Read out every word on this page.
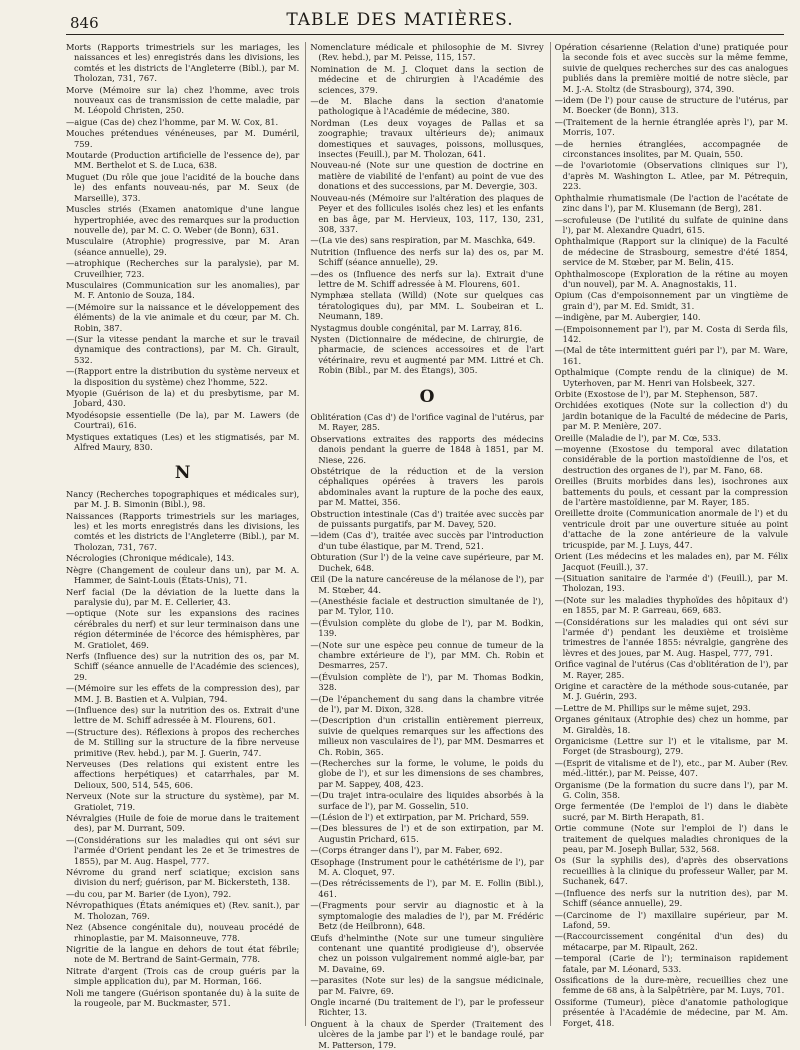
846	TABLE DES MATIÈRES.
Morts (Rapports trimestriels sur les mariages, les naissances et les) enregistrés dans les divisions, les comtés et les districts de l'Angleterre (Bibl.), par M. Tholozan, 731, 767.
Morve (Mémoire sur la) chez l'homme, avec trois nouveaux cas de transmission de cette maladie, par M. Léopold Christen, 250.
—aigue (Cas de) chez l'homme, par M. W. Cox, 81.
Mouches prétendues vénéneuses, par M. Duméril, 759.
Moutarde (Production artificielle de l'essence de), par MM. Berthelot et S. de Luca, 638.
Muguet (Du rôle que joue l'acidité de la bouche dans le) des enfants nouveau-nés, par M. Seux (de Marseille), 373.
Muscles striés (Examen anatomique d'une langue hypertrophiée, avec des remarques sur la production nouvelle de), par M. C. O. Weber (de Bonn), 631.
Musculaire (Atrophie) progressive, par M. Aran (séance annuelle), 29.
—atrophique (Recherches sur la paralysie), par M. Cruveilhier, 723.
Musculaires (Communication sur les anomalies), par M. F. Antonio de Souza, 184.
—(Mémoire sur la naissance et le développement des éléments) de la vie animale et du cœur, par M. Ch. Robin, 387.
—(Sur la vitesse pendant la marche et sur le travail dynamique des contractions), par M. Ch. Girault, 532.
—(Rapport entre la distribution du système nerveux et la disposition du système) chez l'homme, 522.
Myopie (Guérison de la) et du presbytisme, par M. Jobard, 430.
Myodésopsie essentielle (De la), par M. Lawers (de Courtrai), 616.
Mystiques extatiques (Les) et les stigmatisés, par M. Alfred Maury, 830.
N
Nancy (Recherches topographiques et médicales sur), par M. J. B. Simonin (Bibl.), 98.
Naissances (Rapports trimestriels sur les mariages, les) et les morts enregistrés dans les divisions, les comtés et les districts de l'Angleterre (Bibl.), par M. Tholozan, 731, 767.
Nécrologies (Chronique médicale), 143.
Nègre (Changement de couleur dans un), par M. A. Hammer, de Saint-Louis (États-Unis), 71.
Nerf facial (De la déviation de la luette dans la paralysie du), par M. E. Cellerier, 43.
—optique (Note sur les expansions des racines cérébrales du nerf) et sur leur terminaison dans une région déterminée de l'écorce des hémisphères, par M. Gratiolet, 469.
Nerfs (Influence des) sur la nutrition des os, par M. Schiff (séance annuelle de l'Académie des sciences), 29.
—(Mémoire sur les effets de la compression des), par MM. J. B. Bastien et A. Vulpian, 794.
—(Influence des) sur la nutrition des os. Extrait d'une lettre de M. Schiff adressée à M. Flourens, 601.
—(Structure des). Réflexions à propos des recherches de M. Stilling sur la structure de la fibre nerveuse primitive (Rev. hebd.), par M. J. Guerin, 747.
Nerveuses (Des relations qui existent entre les affections herpétiques) et catarrhales, par M. Delioux, 500, 514, 545, 606.
Nerveux (Note sur la structure du système), par M. Gratiolet, 719.
Névralgies (Huile de foie de morue dans le traitement des), par M. Durrant, 509.
—(Considérations sur les maladies qui ont sévi sur l'armée d'Orient pendant les 2e et 3e trimestres de 1855), par M. Aug. Haspel, 777.
Névrome du grand nerf sciatique; excision sans division du nerf; guérison, par M. Bickersteth, 138.
—du cou, par M. Barier (de Lyon), 792.
Névropathiques (États anémiques et) (Rev. sanit.), par M. Tholozan, 769.
Nez (Absence congénitale du), nouveau procédé de rhinoplastie, par M. Maisonneuve, 778.
Nigritie de la langue en dehors de tout état fébrile; note de M. Bertrand de Saint-Germain, 778.
Nitrate d'argent (Trois cas de croup guéris par la simple application du), par M. Horman, 166.
Noli me tangere (Guérison spontanée du) à la suite de la rougeole, par M. Buckmaster, 571.
Nomenclature médicale et philosophie de M. Sivrey (Rev. hebd.), par M. Peisse, 115, 157.
Nomination de M. J. Cloquet dans la section de médecine et de chirurgien à l'Académie des sciences, 379.
—de M. Blache dans la section d'anatomie pathologique à l'Académie de médecine, 380.
Nordman (Les deux voyages de Pallas et sa zoographie; travaux ultérieurs de); animaux domestiques et sauvages, poissons, mollusques, insectes (Feuill.), par M. Tholozan, 641.
Nouveau-né (Note sur une question de doctrine en matière de viabilité de l'enfant) au point de vue des donations et des successions, par M. Devergie, 303.
Nouveau-nés (Mémoire sur l'altération des plaques de Peyer et des follicules isolés chez les) et les enfants en bas âge, par M. Hervieux, 103, 117, 130, 231, 308, 337.
—(La vie des) sans respiration, par M. Maschka, 649.
Nutrition (Influence des nerfs sur la) des os, par M. Schiff (séance annuelle), 29.
—des os (Influence des nerfs sur la). Extrait d'une lettre de M. Schiff adressée à M. Flourens, 601.
Nymphæa stellata (Willd) (Note sur quelques cas tératologiques du), par MM. L. Soubeiran et L. Neumann, 189.
Nystagmus double congénital, par M. Larray, 816.
Nysten (Dictionnaire de médecine, de chirurgie, de pharmacie, de sciences accessoires et de l'art vétérinaire, revu et augmenté par MM. Littré et Ch. Robin (Bibl., par M. des Étangs), 305.
O
Oblitération (Cas d') de l'orifice vaginal de l'utérus, par M. Rayer, 285.
Observations extraites des rapports des médecins danois pendant la guerre de 1848 à 1851, par M. Niese, 226.
Obstétrique de la réduction et de la version céphaliques opérées à travers les parois abdominales avant la rupture de la poche des eaux, par M. Mattei, 356.
Obstruction intestinale (Cas d') traitée avec succès par de puissants purgatifs, par M. Davey, 520.
—idem (Cas d'), traitée avec succès par l'introduction d'un tube élastique, par M. Trend, 521.
Obturation (Sur l') de la veine cave supérieure, par M. Duchek, 648.
Œil (De la nature cancéreuse de la mélanose de l'), par M. Stœber, 44.
—(Anesthésie faciale et destruction simultanée de l'), par M. Tylor, 110.
—(Évulsion complète du globe de l'), par M. Bodkin, 139.
—(Note sur une espèce peu connue de tumeur de la chambre extérieure de l'), par MM. Ch. Robin et Desmarres, 257.
—(Évulsion complète de l'), par M. Thomas Bodkin, 328.
—(De l'épanchement du sang dans la chambre vitrée de l'), par M. Dixon, 328.
—(Description d'un cristallin entièrement pierreux, suivie de quelques remarques sur les affections des milieux non vasculaires de l'), par MM. Desmarres et Ch. Robin, 365.
—(Recherches sur la forme, le volume, le poids du globe de l'), et sur les dimensions de ses chambres, par M. Sappey, 408, 423.
—(Du trajet intra-oculaire des liquides absorbés à la surface de l'), par M. Gosselin, 510.
—(Lésion de l') et extirpation, par M. Prichard, 559.
—(Des blessures de l') et de son extirpation, par M. Augustin Prichard, 615.
—(Corps étranger dans l'), par M. Faber, 692.
Œsophage (Instrument pour le cathétérisme de l'), par M. A. Cloquet, 97.
—(Des rétrécissements de l'), par M. E. Follin (Bibl.), 461.
—(Fragments pour servir au diagnostic et à la symptomalogie des maladies de l'), par M. Frédéric Betz (de Heilbronn), 648.
Œufs d'helminthe (Note sur une tumeur singulière contenant une quantité prodigieuse d'), observée chez un poisson vulgairement nommé aigle-bar, par M. Davaine, 69.
—parasites (Note sur les) de la sangsue médicinale, par M. Faivre, 69.
Ongle incarné (Du traitement de l'), par le professeur Richter, 13.
Onguent à la chaux de Sperder (Traitement des ulcères de la jambe par l') et le bandage roulé, par M. Patterson, 179.
Opération césarienne (Relation d'une) pratiquée pour la seconde fois et avec succès sur la même femme, suivie de quelques recherches sur des cas analogues publiés dans la première moitié de notre siècle, par M. J.-A. Stoltz (de Strasbourg), 374, 390.
—idem (De l') pour cause de structure de l'utérus, par M. Boecker (de Bonn), 313.
—(Traitement de la hernie étranglée après l'), par M. Morris, 107.
—de hernies étranglées, accompagnée de circonstances insolites, par M. Quain, 550.
—de l'ovariotomie (Observations cliniques sur l'), d'après M. Washington L. Atlee, par M. Pétrequin, 223.
Ophthalmie rhumatismale (De l'action de l'acétate de zinc dans l'), par M. Klusemann (de Berg), 281.
—scrofuleuse (De l'utilité du sulfate de quinine dans l'), par M. Alexandre Quadri, 615.
Ophthalmique (Rapport sur la clinique) de la Faculté de médecine de Strasbourg, semestre d'été 1854, service de M. Stœber, par M. Belin, 415.
Ophthalmoscope (Exploration de la rétine au moyen d'un nouvel), par M. A. Anagnostakis, 11.
Opium (Cas d'empoisonnement par un vingtième de grain d'), par M. Ed. Smidt, 31.
—indigène, par M. Aubergier, 140.
—(Empoisonnement par l'), par M. Costa di Serda fils, 142.
—(Mal de tête intermittent guéri par l'), par M. Ware, 161.
Opthalmique (Compte rendu de la clinique) de M. Uyterhoven, par M. Henri van Holsbeek, 327.
Orbite (Exostose de l'), par M. Stephenson, 587.
Orchidées exotiques (Note sur la collection d') du jardin botanique de la Faculté de médecine de Paris, par M. P. Menière, 207.
Oreille (Maladie de l'), par M. Cœ, 533.
—moyenne (Exostose du temporal avec dilatation considérable de la portion mastoïdienne de l'os, et destruction des organes de l'), par M. Fano, 68.
Oreilles (Bruits morbides dans les), isochrones aux battements du pouls, et cessant par la compression de l'artère mastoïdienne, par M. Rayer, 185.
Oreillette droite (Communication anormale de l') et du ventricule droit par une ouverture située au point d'attache de la zone antérieure de la valvule tricuspide, par M. J. Luys, 447.
Orient (Les médecins et les malades en), par M. Félix Jacquot (Feuill.), 37.
—(Situation sanitaire de l'armée d') (Feuill.), par M. Tholozan, 193.
—(Note sur les maladies thyphoïdes des hôpitaux d') en 1855, par M. P. Garreau, 669, 683.
—(Considérations sur les maladies qui ont sévi sur l'armée d') pendant les deuxième et troisième trimestres de l'année 1855: névralgie, gangrène des lèvres et des joues, par M. Aug. Haspel, 777, 791.
Orifice vaginal de l'utérus (Cas d'oblitération de l'), par M. Rayer, 285.
Origine et caractère de la méthode sous-cutanée, par M. J. Guérin, 293.
—Lettre de M. Phillips sur le même sujet, 293.
Organes génitaux (Atrophie des) chez un homme, par M. Giraldès, 18.
Organicisme (Lettre sur l') et le vitalisme, par M. Forget (de Strasbourg), 279.
—(Esprit de vitalisme et de l'), etc., par M. Auber (Rev. méd.-littér.), par M. Peisse, 407.
Organisme (De la formation du sucre dans l'), par M. G. Colin, 358.
Orge fermentée (De l'emploi de l') dans le diabète sucré, par M. Birth Herapath, 81.
Ortie commune (Note sur l'emploi de l') dans le traitement de quelques maladies chroniques de la peau, par M. Joseph Bullar, 532, 568.
Os (Sur la syphilis des), d'après des observations recueillies à la clinique du professeur Waller, par M. Suchanek, 647.
—(Influence des nerfs sur la nutrition des), par M. Schiff (séance annuelle), 29.
—(Carcinome de l') maxillaire supérieur, par M. Lafond, 59.
—(Raccourcissement congénital d'un des) du métacarpe, par M. Ripault, 262.
—temporal (Carie de l'); terminaison rapidement fatale, par M. Léonard, 533.
Ossifications de la dure-mère, recueillies chez une femme de 68 ans, à la Salpêtrière, par M. Luys, 701.
Ossiforme (Tumeur), pièce d'anatomie pathologique présentée à l'Académie de médecine, par M. Am. Forget, 418.
